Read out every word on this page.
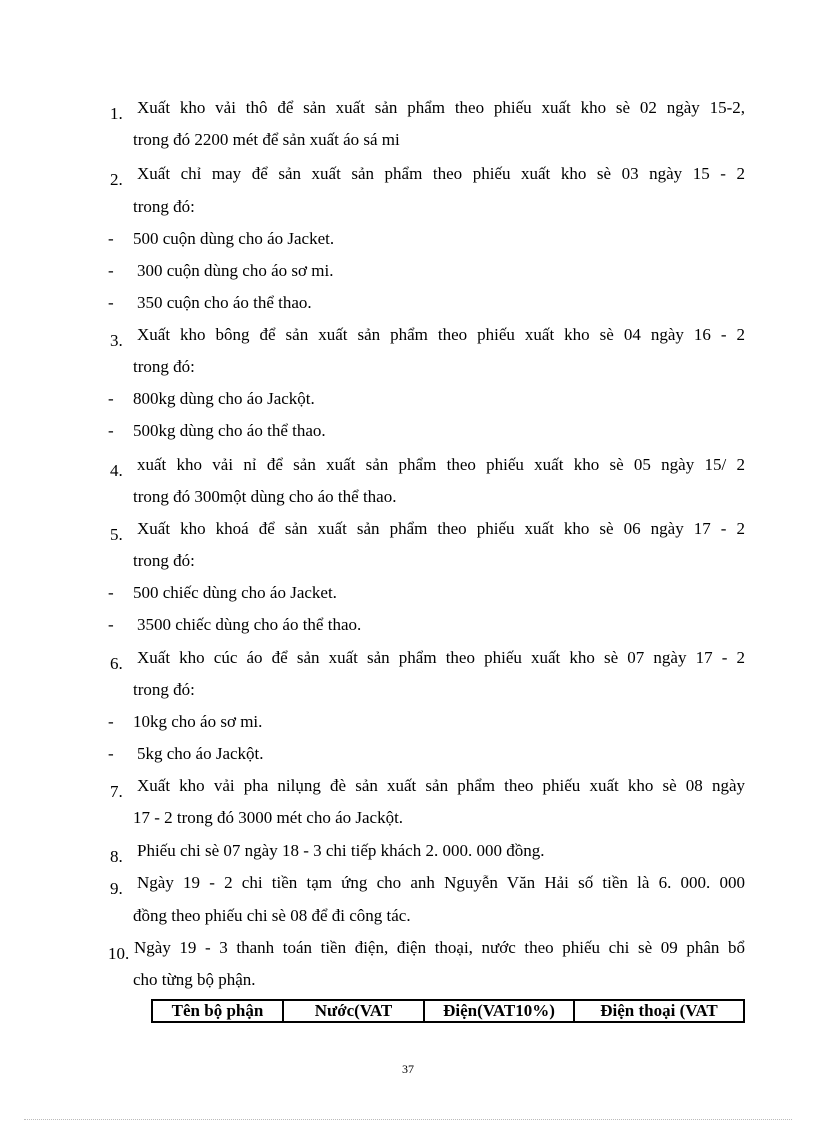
1. Xuất kho vải thô để sản xuất sản phẩm theo phiếu xuất kho sè 02 ngày 15-2,
trong đó 2200 mét để sản xuất áo sá mi
2. Xuất chỉ may để sản xuất sản phẩm theo phiếu xuất kho sè 03 ngày 15 - 2
trong đó:
- 500 cuộn dùng cho áo Jacket.
- 300 cuộn dùng cho áo sơ mi.
- 350 cuộn cho áo thể thao.
3. Xuất kho bông để sản xuất sản phẩm theo phiếu xuất kho sè 04 ngày 16 - 2
trong đó:
- 800kg dùng cho áo Jackột.
- 500kg dùng cho áo thể thao.
4. xuất kho vải nỉ để sản xuất sản phẩm theo phiếu xuất kho sè 05 ngày 15/ 2
trong đó 300một dùng cho áo thể thao.
5. Xuất kho khoá để sản xuất sản phẩm theo phiếu xuất kho sè 06 ngày 17 - 2
trong đó:
- 500 chiếc dùng cho áo Jacket.
- 3500 chiếc dùng cho áo thể thao.
6. Xuất kho cúc áo để sản xuất sản phẩm theo phiếu xuất kho sè 07 ngày 17 - 2
trong đó:
- 10kg cho áo sơ mi.
- 5kg cho áo Jackột.
7. Xuất kho vải pha nilụng đè sản xuất sản phẩm theo phiếu xuất kho sè 08 ngày
17 - 2 trong đó 3000 mét cho áo Jackột.
8. Phiếu chi sè 07 ngày 18 - 3 chi tiếp khách 2. 000. 000 đồng.
9. Ngày 19 - 2 chi tiền tạm ứng cho anh Nguyễn Văn Hải số tiền là 6. 000. 000
đồng theo phiếu chi sè 08 để đi công tác.
10. Ngày 19 - 3 thanh toán tiền điện, điện thoại, nước theo phiếu chi sè 09 phân bổ
cho từng bộ phận.
Tên bộ phận	Nước(VAT	Điện(VAT10%)	Điện thoại (VAT
37
